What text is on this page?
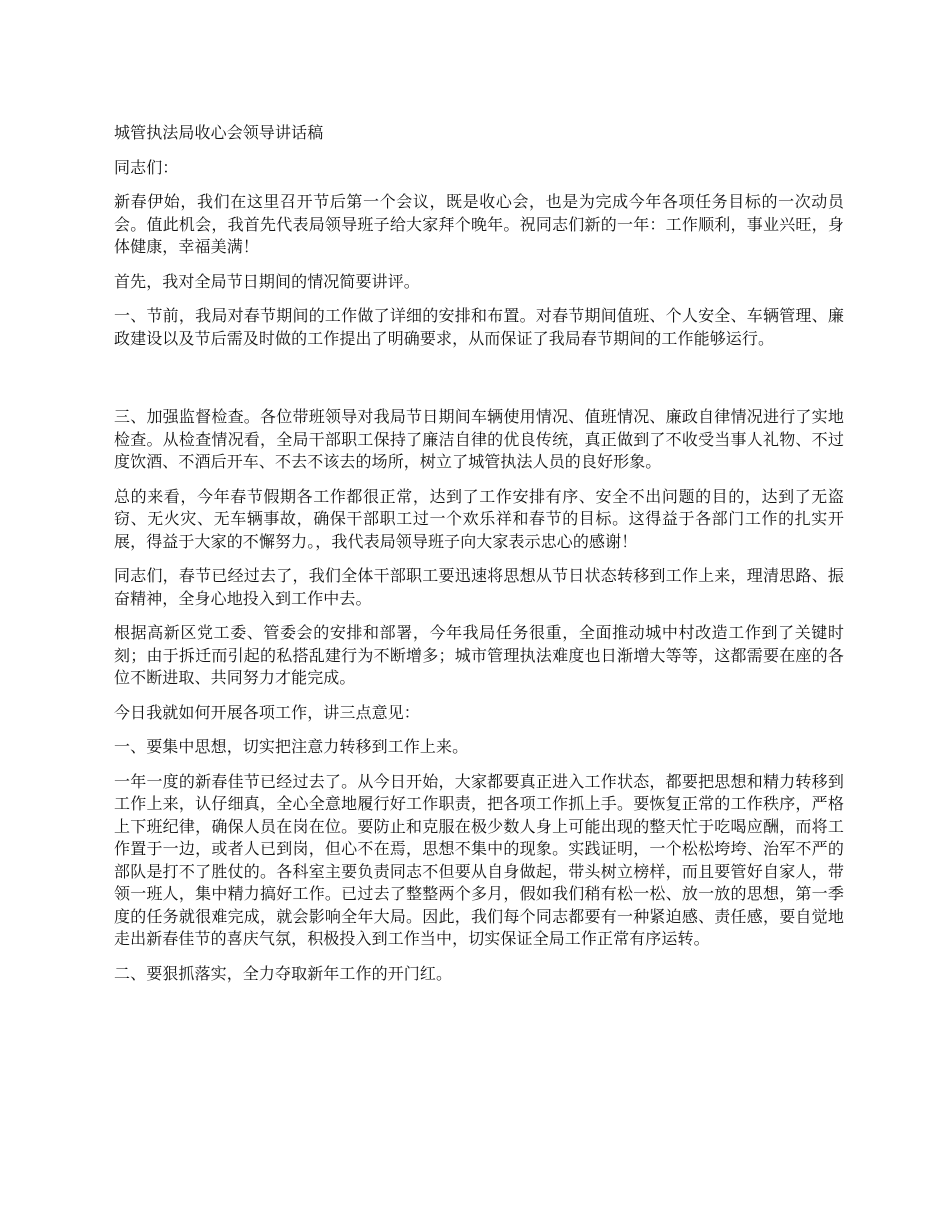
城管执法局收心会领导讲话稿

同志们：

新春伊始，我们在这里召开节后第一个会议，既是收心会，也是为完成今年各项任务目标的一次动员会。值此机会，我首先代表局领导班子给大家拜个晚年。祝同志们新的一年：工作顺利，事业兴旺，身体健康，幸福美满！

首先，我对全局节日期间的情况简要讲评。

一、节前，我局对春节期间的工作做了详细的安排和布置。对春节期间值班、个人安全、车辆管理、廉政建设以及节后需及时做的工作提出了明确要求，从而保证了我局春节期间的工作能够运行。

三、加强监督检查。各位带班领导对我局节日期间车辆使用情况、值班情况、廉政自律情况进行了实地检查。从检查情况看，全局干部职工保持了廉洁自律的优良传统，真正做到了不收受当事人礼物、不过度饮酒、不酒后开车、不去不该去的场所，树立了城管执法人员的良好形象。

总的来看，今年春节假期各工作都很正常，达到了工作安排有序、安全不出问题的目的，达到了无盗窃、无火灾、无车辆事故，确保干部职工过一个欢乐祥和春节的目标。这得益于各部门工作的扎实开展，得益于大家的不懈努力。，我代表局领导班子向大家表示忠心的感谢！

同志们，春节已经过去了，我们全体干部职工要迅速将思想从节日状态转移到工作上来，理清思路、振奋精神，全身心地投入到工作中去。

根据高新区党工委、管委会的安排和部署，今年我局任务很重，全面推动城中村改造工作到了关键时刻；由于拆迁而引起的私搭乱建行为不断增多；城市管理执法难度也日渐增大等等，这都需要在座的各位不断进取、共同努力才能完成。

今日我就如何开展各项工作，讲三点意见：

一、要集中思想，切实把注意力转移到工作上来。

一年一度的新春佳节已经过去了。从今日开始，大家都要真正进入工作状态，都要把思想和精力转移到工作上来，认仔细真，全心全意地履行好工作职责，把各项工作抓上手。要恢复正常的工作秩序，严格上下班纪律，确保人员在岗在位。要防止和克服在极少数人身上可能出现的整天忙于吃喝应酬，而将工作置于一边，或者人已到岗，但心不在焉，思想不集中的现象。实践证明，一个松松垮垮、治军不严的部队是打不了胜仗的。各科室主要负责同志不但要从自身做起，带头树立榜样，而且要管好自家人，带领一班人，集中精力搞好工作。已过去了整整两个多月，假如我们稍有松一松、放一放的思想，第一季度的任务就很难完成，就会影响全年大局。因此，我们每个同志都要有一种紧迫感、责任感，要自觉地走出新春佳节的喜庆气氛，积极投入到工作当中，切实保证全局工作正常有序运转。

二、要狠抓落实，全力夺取新年工作的开门红。
